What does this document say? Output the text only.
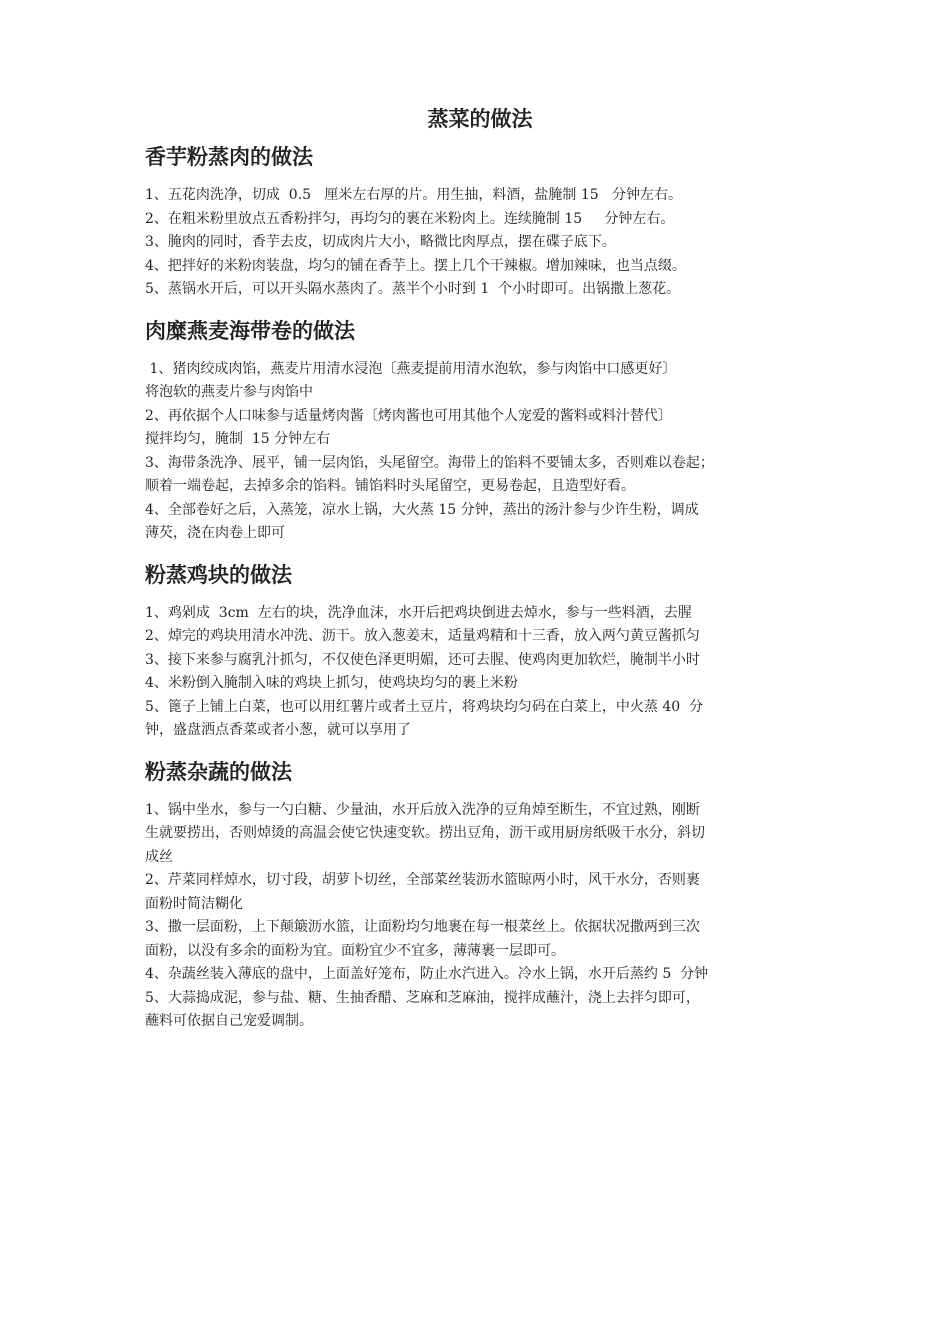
蒸菜的做法
香芋粉蒸肉的做法

1、五花肉洗净，切成  0.5   厘米左右厚的片。用生抽，料酒，盐腌制 15   分钟左右。

2、在粗米粉里放点五香粉拌匀，再均匀的裹在米粉肉上。连续腌制 15     分钟左右。

3、腌肉的同时，香芋去皮，切成肉片大小，略微比肉厚点，摆在碟子底下。

4、把拌好的米粉肉装盘，均匀的铺在香芋上。摆上几个干辣椒。增加辣味，也当点缀。

5、蒸锅水开后，可以开头隔水蒸肉了。蒸半个小时到 1  个小时即可。出锅撒上葱花。

肉糜燕麦海带卷的做法

1、猪肉绞成肉馅，燕麦片用清水浸泡〔燕麦提前用清水泡软，参与肉馅中口感更好〕

将泡软的燕麦片参与肉馅中

2、再依据个人口味参与适量烤肉酱〔烤肉酱也可用其他个人宠爱的酱料或料汁替代〕

搅拌均匀，腌制  15 分钟左右

3、海带条洗净、展平，铺一层肉馅，头尾留空。海带上的馅料不要铺太多，否则难以卷起；

顺着一端卷起，去掉多余的馅料。铺馅料时头尾留空，更易卷起，且造型好看。

4、全部卷好之后，入蒸笼，凉水上锅，大火蒸 15 分钟，蒸出的汤汁参与少许生粉，调成

薄芡，浇在肉卷上即可

粉蒸鸡块的做法

1、鸡剁成  3cm  左右的块，洗净血沫，水开后把鸡块倒进去焯水，参与一些料酒，去腥

2、焯完的鸡块用清水冲洗、沥干。放入葱姜末，适量鸡精和十三香，放入两勺黄豆酱抓匀

3、接下来参与腐乳汁抓匀，不仅使色泽更明媚，还可去腥、使鸡肉更加软烂，腌制半小时

4、米粉倒入腌制入味的鸡块上抓匀，使鸡块均匀的裹上米粉

5、篦子上铺上白菜，也可以用红薯片或者土豆片，将鸡块均匀码在白菜上，中火蒸 40  分

钟，盛盘洒点香菜或者小葱，就可以享用了

粉蒸杂蔬的做法

1、锅中坐水，参与一勺白糖、少量油，水开后放入洗净的豆角焯至断生，不宜过熟，刚断

生就要捞出，否则焯烫的高温会使它快速变软。捞出豆角，沥干或用厨房纸吸干水分，斜切

成丝

2、芹菜同样焯水，切寸段，胡萝卜切丝，全部菜丝装沥水篮晾两小时，风干水分，否则裹

面粉时简洁糊化

3、撒一层面粉，上下颠簸沥水篮，让面粉均匀地裹在每一根菜丝上。依据状况撒两到三次

面粉，以没有多余的面粉为宜。面粉宜少不宜多，薄薄裹一层即可。

4、杂蔬丝装入薄底的盘中，上面盖好笼布，防止水汽进入。冷水上锅，水开后蒸约 5  分钟

5、大蒜捣成泥，参与盐、糖、生抽香醋、芝麻和芝麻油，搅拌成蘸汁，浇上去拌匀即可，

蘸料可依据自己宠爱调制。
